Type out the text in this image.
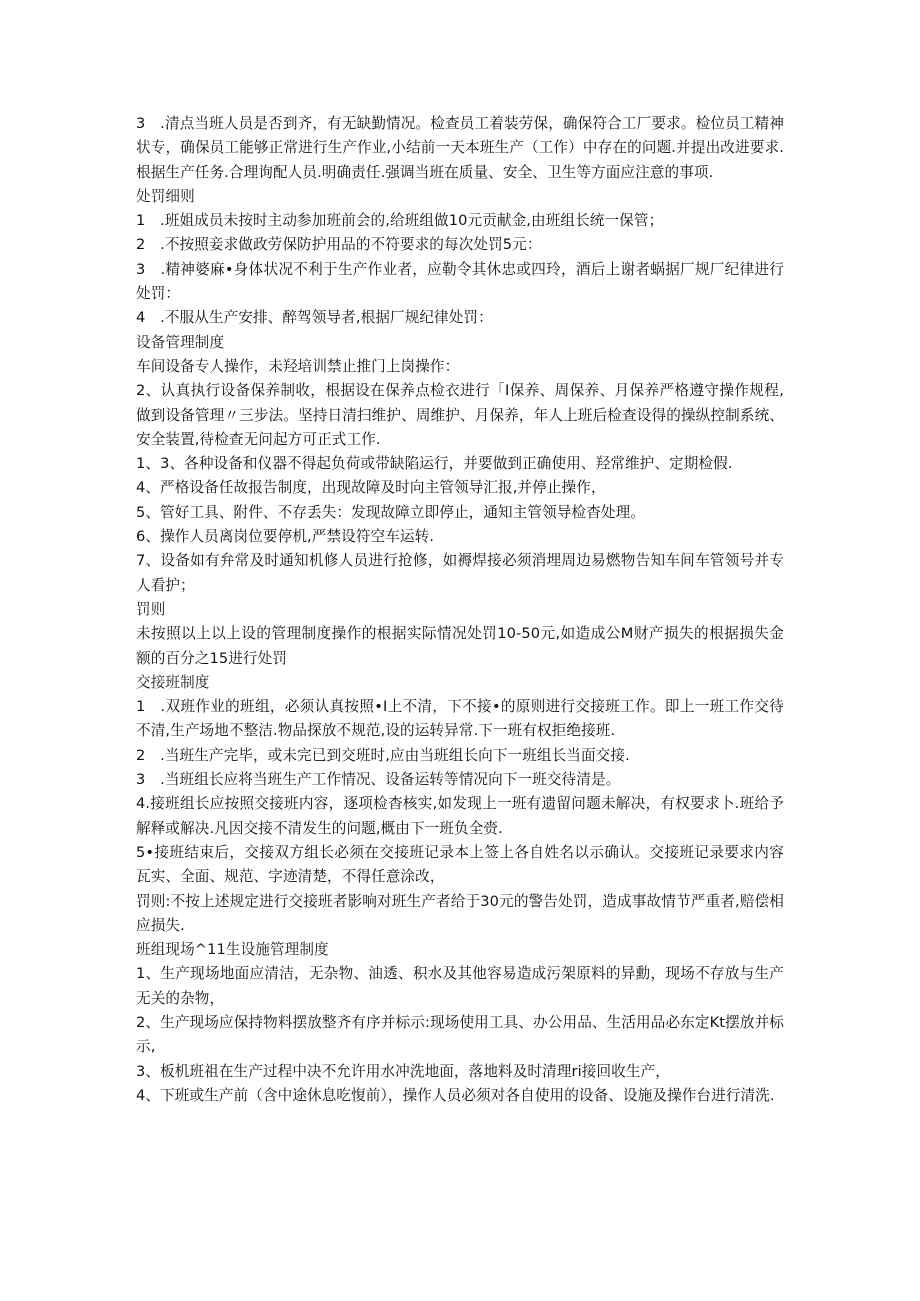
3　.清点当班人员是否到齐，有无缺勤情况。检查员工着装劳保，确保符合工厂要求。检位员工精神状专，确保员工能够正常进行生产作业,小结前一天本班生产（工作）中存在的问题.并提出改进要求.根据生产任务.合理询配人员.明确责任.强调当班在质量、安全、卫生等方面应注意的事项.

处罚细则

1　.班姐成员未按时主动参加班前会的,给班组做10元贡献金,由班组长统一保管；

2　.不按照妾求做政劳保防护用品的不符要求的每次处罚5元：

3　.精神婆麻•身体状况不利于生产作业者，应勒令其休忠或四玲，酒后上谢者蜗据厂规厂纪律进行处罚：

4　.不服从生产安排、醉驾领导者,根据厂规纪律处罚：

设备管理制度

车间设备专人操作，未羟培训禁止推门上岗操作：

2、认真执行设备保养制收，根据设在保养点检衣进行「I保养、周保养、月保养严格遵守操作规程,做到设备管理〃三步法。坚持日清扫维护、周维护、月保养，年人上班后检查设得的操纵控制系统、安全装置,待检查无问起方可正式工作.

1、3、各种设备和仪器不得起负荷或带缺陷运行，并要做到正确使用、羟常维护、定期检假.

4、严格设备任故报告制度，出现故障及时向主管领导汇报,并停止操作，

5、管好工具、附件、不存丢失：发现故障立即停止，通知主管领导检杳处理。

6、操作人员离岗位要停机,严禁设符空车运转.

7、设备如有弁常及时通知机修人员进行抢修，如褥焊接必须消埋周边易燃物告知车间车管领号并专人看护；

罚则

未按照以上以上设的管理制度操作的根据实际情况处罚10-50元,如造成公M财产损失的根据损失金额的百分之15进行处罚

交接班制度

1　.双班作业的班组，必须认真按照•I上不清，下不接•的原则进行交接班工作。即上一班工作交待不清,生产场地不整洁.物品探放不规范,设的运转异常.下一班有权拒绝接班.

2　.当班生产完毕，或未完已到交班时,应由当班组长向下一班组长当面交接.

3　.当班组长应将当班生产工作情况、设备运转等情况向下一班交待清是。

4.接班组长应按照交接班内容，逐项检杳核实,如发现上一班有遗留问题未解决，有权要求卜.班给予解释或解决.凡因交接不清发生的问题,概由下一班负全赍.

5•接班结束后，交接双方组长必须在交接班记录本上签上各自姓名以示确认。交接班记录要求内容瓦实、全面、规范、字迹清楚，不得任意涂改，

罚则:不按上述规定进行交接班者影响对班生产者给于30元的警告处罚，造成事故情节严重者,赔偿相应损失.

班组现场^11生设施管理制度

1、生产现场地面应清洁，无杂物、油透、积水及其他容易造成污架原料的异勳，现场不存放与生产无关的杂物，

2、生产现场应保持物料摆放整齐有序并标示:现场使用工具、办公用品、生活用品必东定Kt摆放并标示,

3、板机班祖在生产过程中决不允许用水冲洗地面，落地料及时清理ri接回收生产，

4、下班或生产前（含中途休息吃愎前），操作人员必须对各自使用的设备、设施及操作台进行清洗.
